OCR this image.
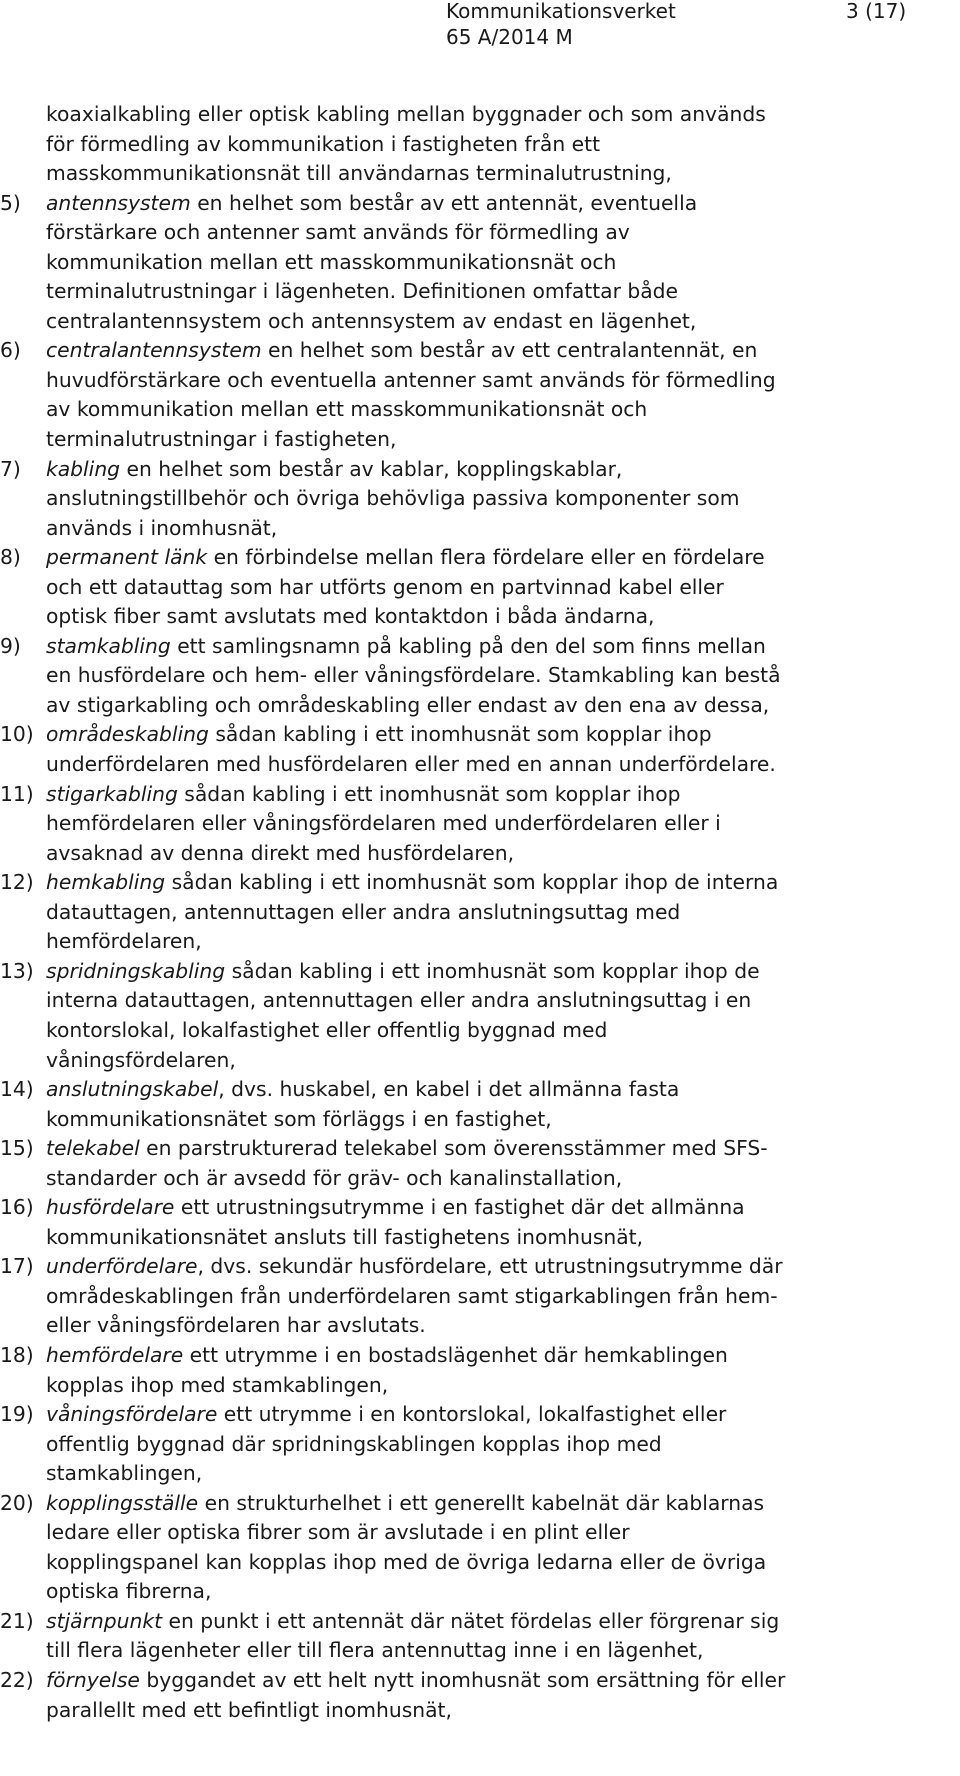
Kommunikationsverket	3 (17)
65 A/2014 M
koaxialkabling eller optisk kabling mellan byggnader och som används
för förmedling av kommunikation i fastigheten från ett
masskommunikationsnät till användarnas terminalutrustning,
5) antennsystem en helhet som består av ett antennät, eventuella
förstärkare och antenner samt används för förmedling av
kommunikation mellan ett masskommunikationsnät och
terminalutrustningar i lägenheten. Definitionen omfattar både
centralantennsystem och antennsystem av endast en lägenhet,
6) centralantennsystem en helhet som består av ett centralantennät, en
huvudförstärkare och eventuella antenner samt används för förmedling
av kommunikation mellan ett masskommunikationsnät och
terminalutrustningar i fastigheten,
7) kabling en helhet som består av kablar, kopplingskablar,
anslutningstillbehör och övriga behövliga passiva komponenter som
används i inomhusnät,
8) permanent länk en förbindelse mellan flera fördelare eller en fördelare
och ett datauttag som har utförts genom en partvinnad kabel eller
optisk fiber samt avslutats med kontaktdon i båda ändarna,
9) stamkabling ett samlingsnamn på kabling på den del som finns mellan
en husfördelare och hem- eller våningsfördelare. Stamkabling kan bestå
av stigarkabling och områdeskabling eller endast av den ena av dessa,
10) områdeskabling sådan kabling i ett inomhusnät som kopplar ihop
underfördelaren med husfördelaren eller med en annan underfördelare.
11) stigarkabling sådan kabling i ett inomhusnät som kopplar ihop
hemfördelaren eller våningsfördelaren med underfördelaren eller i
avsaknad av denna direkt med husfördelaren,
12) hemkabling sådan kabling i ett inomhusnät som kopplar ihop de interna
datauttagen, antennuttagen eller andra anslutningsuttag med
hemfördelaren,
13) spridningskabling sådan kabling i ett inomhusnät som kopplar ihop de
interna datauttagen, antennuttagen eller andra anslutningsuttag i en
kontorslokal, lokalfastighet eller offentlig byggnad med
våningsfördelaren,
14) anslutningskabel, dvs. huskabel, en kabel i det allmänna fasta
kommunikationsnätet som förläggs i en fastighet,
15) telekabel en parstrukturerad telekabel som överensstämmer med SFS-
standarder och är avsedd för gräv- och kanalinstallation,
16) husfördelare ett utrustningsutrymme i en fastighet där det allmänna
kommunikationsnätet ansluts till fastighetens inomhusnät,
17) underfördelare, dvs. sekundär husfördelare, ett utrustningsutrymme där
områdeskablingen från underfördelaren samt stigarkablingen från hem-
eller våningsfördelaren har avslutats.
18) hemfördelare ett utrymme i en bostadslägenhet där hemkablingen
kopplas ihop med stamkablingen,
19) våningsfördelare ett utrymme i en kontorslokal, lokalfastighet eller
offentlig byggnad där spridningskablingen kopplas ihop med
stamkablingen,
20) kopplingsställe en strukturhelhet i ett generellt kabelnät där kablarnas
ledare eller optiska fibrer som är avslutade i en plint eller
kopplingspanel kan kopplas ihop med de övriga ledarna eller de övriga
optiska fibrerna,
21) stjärnpunkt en punkt i ett antennät där nätet fördelas eller förgrenar sig
till flera lägenheter eller till flera antennuttag inne i en lägenhet,
22) förnyelse byggandet av ett helt nytt inomhusnät som ersättning för eller
parallellt med ett befintligt inomhusnät,
